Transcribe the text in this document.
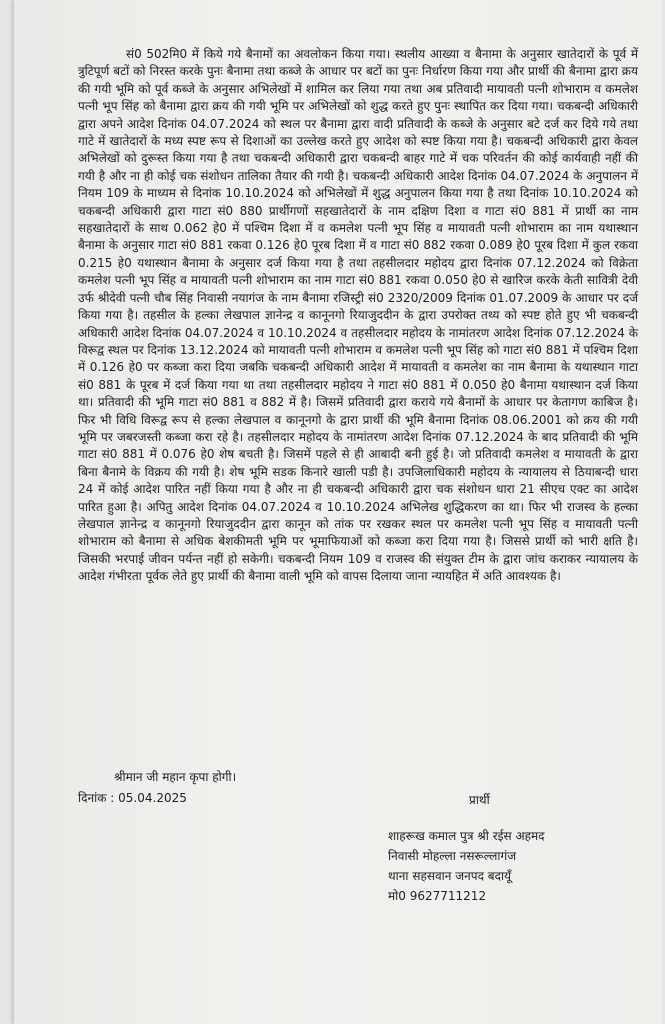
सं0 502मि0 में किये गये बैनामों का अवलोकन किया गया। स्थलीय आख्या व बैनामा के अनुसार खातेदारों के पूर्व में त्रुटिपूर्ण बटों को निरस्त करके पुनः बैनामा तथा कब्जे के आधार पर बटों का पुनः निर्धारण किया गया और प्रार्थी की बैनामा द्वारा क्रय की गयी भूमि को पूर्व कब्जे के अनुसार अभिलेखों में शामिल कर लिया गया तथा अब प्रतिवादी मायावती पत्नी शोभाराम व कमलेश पत्नी भूप सिंह को बैनामा द्वारा क्रय की गयी भूमि पर अभिलेखों को शुद्ध करते हुए पुनः स्थापित कर दिया गया। चकबन्दी अधिकारी द्वारा अपने आदेश दिनांक 04.07.2024 को स्थल पर बैनामा द्वारा वादी प्रतिवादी के कब्जे के अनुसार बटे दर्ज कर दिये गये तथा गाटे में खातेदारों के मध्य स्पष्ट रूप से दिशाओं का उल्लेख करते हुए आदेश को स्पष्ट किया गया है। चकबन्दी अधिकारी द्वारा केवल अभिलेखों को दुरूस्त किया गया है तथा चकबन्दी अधिकारी द्वारा चकबन्दी बाहर गाटे में चक परिवर्तन की कोई कार्यवाही नहीं की गयी है और ना ही कोई चक संशोधन तालिका तैयार की गयी है। चकबन्दी अधिकारी आदेश दिनांक 04.07.2024 के अनुपालन में नियम 109 के माध्यम से दिनांक 10.10.2024 को अभिलेखों में शुद्ध अनुपालन किया गया है तथा दिनांक 10.10.2024 को चकबन्दी अधिकारी द्वारा गाटा सं0 880 प्रार्थीगणों सहखातेदारों के नाम दक्षिण दिशा व गाटा सं0 881 में प्रार्थी का नाम सहखातेदारों के साथ 0.062 हे0 में पश्चिम दिशा में व कमलेश पत्नी भूप सिंह व मायावती पत्नी शोभाराम का नाम यथास्थान बैनामा के अनुसार गाटा सं0 881 रकवा 0.126 हे0 पूरब दिशा में व गाटा सं0 882 रकवा 0.089 हे0 पूरब दिशा में कुल रकवा 0.215 हे0 यथास्थान बैनामा के अनुसार दर्ज किया गया है तथा तहसीलदार महोदय द्वारा दिनांक 07.12.2024 को विक्रेता कमलेश पत्नी भूप सिंह व मायावती पत्नी शोभाराम का नाम गाटा सं0 881 रकवा 0.050 हे0 से खारिज करके केती सावित्री देवी उर्फ श्रीदेवी पत्नी चौब सिंह निवासी नयागंज के नाम बैनामा रजिस्ट्री सं0 2320/2009 दिनांक 01.07.2009 के आधार पर दर्ज किया गया है। तहसील के हल्का लेखपाल ज्ञानेन्द्र व कानूनगो रियाजुददीन के द्वारा उपरोक्त तथ्य को स्पष्ट होते हुए भी चकबन्दी अधिकारी आदेश दिनांक 04.07.2024 व 10.10.2024 व तहसीलदार महोदय के नामांतरण आदेश दिनांक 07.12.2024 के विरूद्व स्थल पर दिनांक 13.12.2024 को मायावती पत्नी शोभाराम व कमलेश पत्नी भूप सिंह को गाटा सं0 881 में पश्चिम दिशा में 0.126 हे0 पर कब्जा करा दिया जबकि चकबन्दी अधिकारी आदेश में मायावती व कमलेश का नाम बैनामा के यथास्थान गाटा सं0 881 के पूरब में दर्ज किया गया था तथा तहसीलदार महोदय ने गाटा सं0 881 में 0.050 हे0 बैनामा यथास्थान दर्ज किया था। प्रतिवादी की भूमि गाटा सं0 881 व 882 में है। जिसमें प्रतिवादी द्वारा कराये गये बैनामों के आधार पर केतागण काबिज है। फिर भी विधि विरूद्व रूप से हल्का लेखपाल व कानूनगो के द्वारा प्रार्थी की भूमि बैनामा दिनांक 08.06.2001 को क्रय की गयी भूमि पर जबरजस्ती कब्जा करा रहे है। तहसीलदार महोदय के नामांतरण आदेश दिनांक 07.12.2024 के बाद प्रतिवादी की भूमि गाटा सं0 881 में 0.076 हे0 शेष बचती है। जिसमें पहले से ही आबादी बनी हुई है। जो प्रतिवादी कमलेश व मायावती के द्वारा बिना बैनामे के विक्रय की गयी है। शेष भूमि सडक किनारे खाली पडी है। उपजिलाधिकारी महोदय के न्यायालय से ठियाबन्दी धारा 24 में कोई आदेश पारित नहीं किया गया है और ना ही चकबन्दी अधिकारी द्वारा चक संशोधन धारा 21 सीएच एक्ट का आदेश पारित हुआ है। अपितु आदेश दिनांक 04.07.2024 व 10.10.2024 अभिलेख शुद्धिकरण का था। फिर भी राजस्व के हल्का लेखपाल ज्ञानेन्द्र व कानूनगो रियाजुददीन द्वारा कानून को तांक पर रखकर स्थल पर कमलेश पत्नी भूप सिंह व मायावती पत्नी शोभाराम को बैनामा से अधिक बेशकीमती भूमि पर भूमाफियाओं को कब्जा करा दिया गया है। जिससे प्रार्थी को भारी क्षति है। जिसकी भरपाई जीवन पर्यन्त नहीं हो सकेगी। चकबन्दी नियम 109 व राजस्व की संयुक्त टीम के द्वारा जांच कराकर न्यायालय के आदेश गंभीरता पूर्वक लेते हुए प्रार्थी की बैनामा वाली भूमि को वापस दिलाया जाना न्यायहित में अति आवश्यक है।
श्रीमान जी महान कृपा होगी।
दिनांक : 05.04.2025	प्रार्थी
शाहरूख कमाल पुत्र श्री रईस अहमद
निवासी मोहल्ला नसरूल्लागंज
थाना सहसवान जनपद बदायूँ
मो0 9627711212
